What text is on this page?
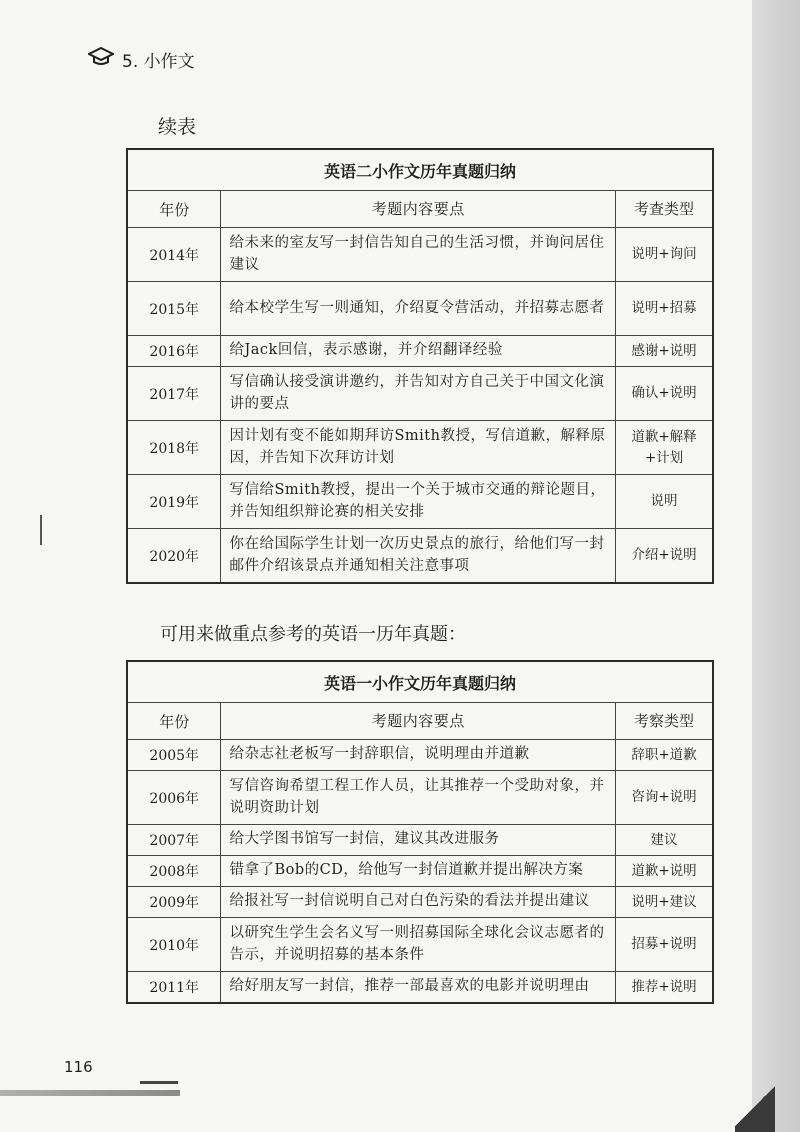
5. 小作文
续表
英语二小作文历年真题归纳		
年份	考题内容要点	考查类型
2014年	给未来的室友写一封信告知自己的生活习惯，并询问居住建议	说明+询问
2015年	给本校学生写一则通知，介绍夏令营活动，并招募志愿者	说明+招募
2016年	给Jack回信，表示感谢，并介绍翻译经验	感谢+说明
2017年	写信确认接受演讲邀约，并告知对方自己关于中国文化演讲的要点	确认+说明
2018年	因计划有变不能如期拜访Smith教授，写信道歉，解释原因，并告知下次拜访计划	道歉+解释+计划
2019年	写信给Smith教授，提出一个关于城市交通的辩论题目，并告知组织辩论赛的相关安排	说明
2020年	你在给国际学生计划一次历史景点的旅行，给他们写一封邮件介绍该景点并通知相关注意事项	介绍+说明
可用来做重点参考的英语一历年真题：
英语一小作文历年真题归纳		
年份	考题内容要点	考察类型
2005年	给杂志社老板写一封辞职信，说明理由并道歉	辞职+道歉
2006年	写信咨询希望工程工作人员，让其推荐一个受助对象，并说明资助计划	咨询+说明
2007年	给大学图书馆写一封信，建议其改进服务	建议
2008年	错拿了Bob的CD，给他写一封信道歉并提出解决方案	道歉+说明
2009年	给报社写一封信说明自己对白色污染的看法并提出建议	说明+建议
2010年	以研究生学生会名义写一则招募国际全球化会议志愿者的告示，并说明招募的基本条件	招募+说明
2011年	给好朋友写一封信，推荐一部最喜欢的电影并说明理由	推荐+说明
116
